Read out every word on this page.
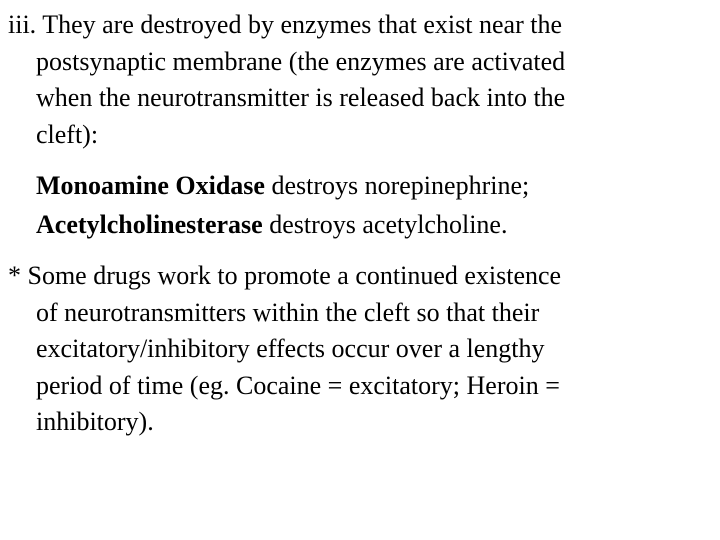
iii. They are destroyed by enzymes that exist near the
postsynaptic membrane (the enzymes are activated
when the neurotransmitter is released back into the
cleft):
Monoamine Oxidase destroys norepinephrine;
Acetylcholinesterase destroys acetylcholine.
* Some drugs work to promote a continued existence
of neurotransmitters within the cleft so that their
excitatory/inhibitory effects occur over a lengthy
period of time (eg. Cocaine = excitatory; Heroin =
inhibitory).
